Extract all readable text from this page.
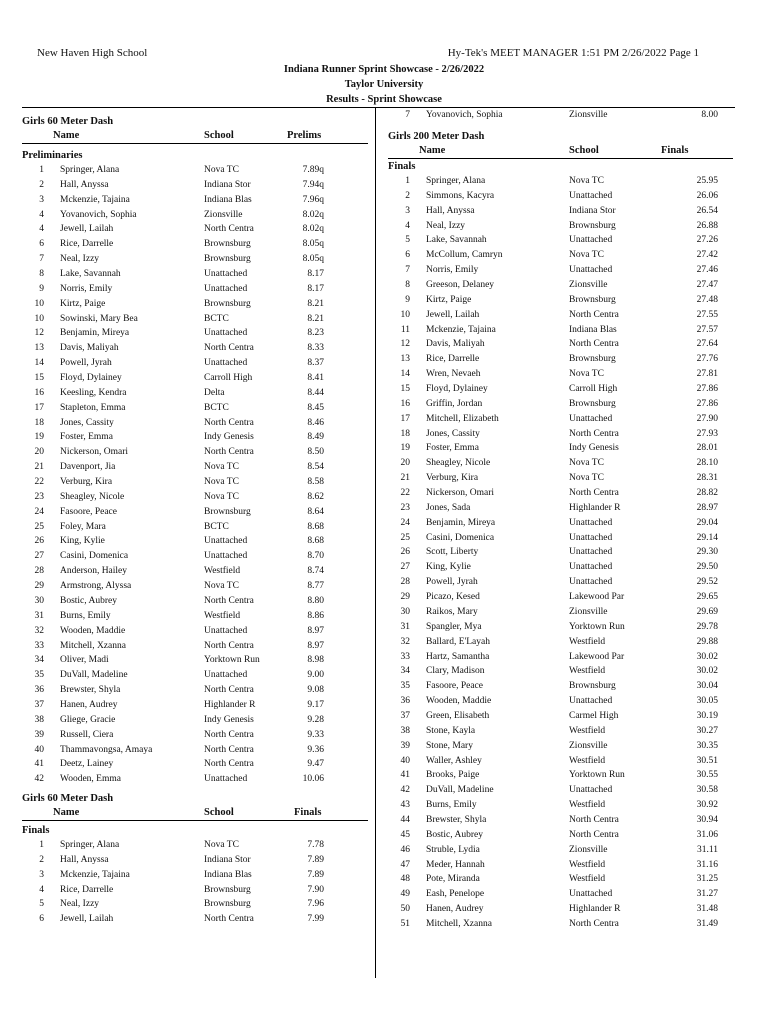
New Haven High School	Hy-Tek's MEET MANAGER 1:51 PM 2/26/2022 Page 1
Indiana Runner Sprint Showcase - 2/26/2022
Taylor University
Results - Sprint Showcase
Girls 60 Meter Dash
Name	School	Prelims
Preliminaries
1 Springer, Alana	Nova TC	7.89q
2 Hall, Anyssa	Indiana Stor	7.94q
3 Mckenzie, Tajaina	Indiana Blas	7.96q
4 Yovanovich, Sophia	Zionsville	8.02q
4 Jewell, Lailah	North Centra	8.02q
6 Rice, Darrelle	Brownsburg	8.05q
7 Neal, Izzy	Brownsburg	8.05q
8 Lake, Savannah	Unattached	8.17
9 Norris, Emily	Unattached	8.17
10 Kirtz, Paige	Brownsburg	8.21
10 Sowinski, Mary Bea	BCTC	8.21
12 Benjamin, Mireya	Unattached	8.23
13 Davis, Maliyah	North Centra	8.33
14 Powell, Jyrah	Unattached	8.37
15 Floyd, Dylainey	Carroll High	8.41
16 Keesling, Kendra	Delta	8.44
17 Stapleton, Emma	BCTC	8.45
18 Jones, Cassity	North Centra	8.46
19 Foster, Emma	Indy Genesis	8.49
20 Nickerson, Omari	North Centra	8.50
21 Davenport, Jia	Nova TC	8.54
22 Verburg, Kira	Nova TC	8.58
23 Sheagley, Nicole	Nova TC	8.62
24 Fasoore, Peace	Brownsburg	8.64
25 Foley, Mara	BCTC	8.68
26 King, Kylie	Unattached	8.68
27 Casini, Domenica	Unattached	8.70
28 Anderson, Hailey	Westfield	8.74
29 Armstrong, Alyssa	Nova TC	8.77
30 Bostic, Aubrey	North Centra	8.80
31 Burns, Emily	Westfield	8.86
32 Wooden, Maddie	Unattached	8.97
33 Mitchell, Xzanna	North Centra	8.97
34 Oliver, Madi	Yorktown Run	8.98
35 DuVall, Madeline	Unattached	9.00
36 Brewster, Shyla	North Centra	9.08
37 Hanen, Audrey	Highlander R	9.17
38 Gliege, Gracie	Indy Genesis	9.28
39 Russell, Ciera	North Centra	9.33
40 Thammavongsa, Amaya	North Centra	9.36
41 Deetz, Lainey	North Centra	9.47
42 Wooden, Emma	Unattached	10.06
Girls 60 Meter Dash
Name	School	Finals
Finals
1 Springer, Alana	Nova TC	7.78
2 Hall, Anyssa	Indiana Stor	7.89
3 Mckenzie, Tajaina	Indiana Blas	7.89
4 Rice, Darrelle	Brownsburg	7.90
5 Neal, Izzy	Brownsburg	7.96
6 Jewell, Lailah	North Centra	7.99
7 Yovanovich, Sophia	Zionsville	8.00
Girls 200 Meter Dash
Name	School	Finals
Finals
1 Springer, Alana	Nova TC	25.95
2 Simmons, Kacyra	Unattached	26.06
3 Hall, Anyssa	Indiana Stor	26.54
4 Neal, Izzy	Brownsburg	26.88
5 Lake, Savannah	Unattached	27.26
6 McCollum, Camryn	Nova TC	27.42
7 Norris, Emily	Unattached	27.46
8 Greeson, Delaney	Zionsville	27.47
9 Kirtz, Paige	Brownsburg	27.48
10 Jewell, Lailah	North Centra	27.55
11 Mckenzie, Tajaina	Indiana Blas	27.57
12 Davis, Maliyah	North Centra	27.64
13 Rice, Darrelle	Brownsburg	27.76
14 Wren, Nevaeh	Nova TC	27.81
15 Floyd, Dylainey	Carroll High	27.86
16 Griffin, Jordan	Brownsburg	27.86
17 Mitchell, Elizabeth	Unattached	27.90
18 Jones, Cassity	North Centra	27.93
19 Foster, Emma	Indy Genesis	28.01
20 Sheagley, Nicole	Nova TC	28.10
21 Verburg, Kira	Nova TC	28.31
22 Nickerson, Omari	North Centra	28.82
23 Jones, Sada	Highlander R	28.97
24 Benjamin, Mireya	Unattached	29.04
25 Casini, Domenica	Unattached	29.14
26 Scott, Liberty	Unattached	29.30
27 King, Kylie	Unattached	29.50
28 Powell, Jyrah	Unattached	29.52
29 Picazo, Kesed	Lakewood Par	29.65
30 Raikos, Mary	Zionsville	29.69
31 Spangler, Mya	Yorktown Run	29.78
32 Ballard, E'Layah	Westfield	29.88
33 Hartz, Samantha	Lakewood Par	30.02
34 Clary, Madison	Westfield	30.02
35 Fasoore, Peace	Brownsburg	30.04
36 Wooden, Maddie	Unattached	30.05
37 Green, Elisabeth	Carmel High	30.19
38 Stone, Kayla	Westfield	30.27
39 Stone, Mary	Zionsville	30.35
40 Waller, Ashley	Westfield	30.51
41 Brooks, Paige	Yorktown Run	30.55
42 DuVall, Madeline	Unattached	30.58
43 Burns, Emily	Westfield	30.92
44 Brewster, Shyla	North Centra	30.94
45 Bostic, Aubrey	North Centra	31.06
46 Struble, Lydia	Zionsville	31.11
47 Meder, Hannah	Westfield	31.16
48 Pote, Miranda	Westfield	31.25
49 Eash, Penelope	Unattached	31.27
50 Hanen, Audrey	Highlander R	31.48
51 Mitchell, Xzanna	North Centra	31.49
